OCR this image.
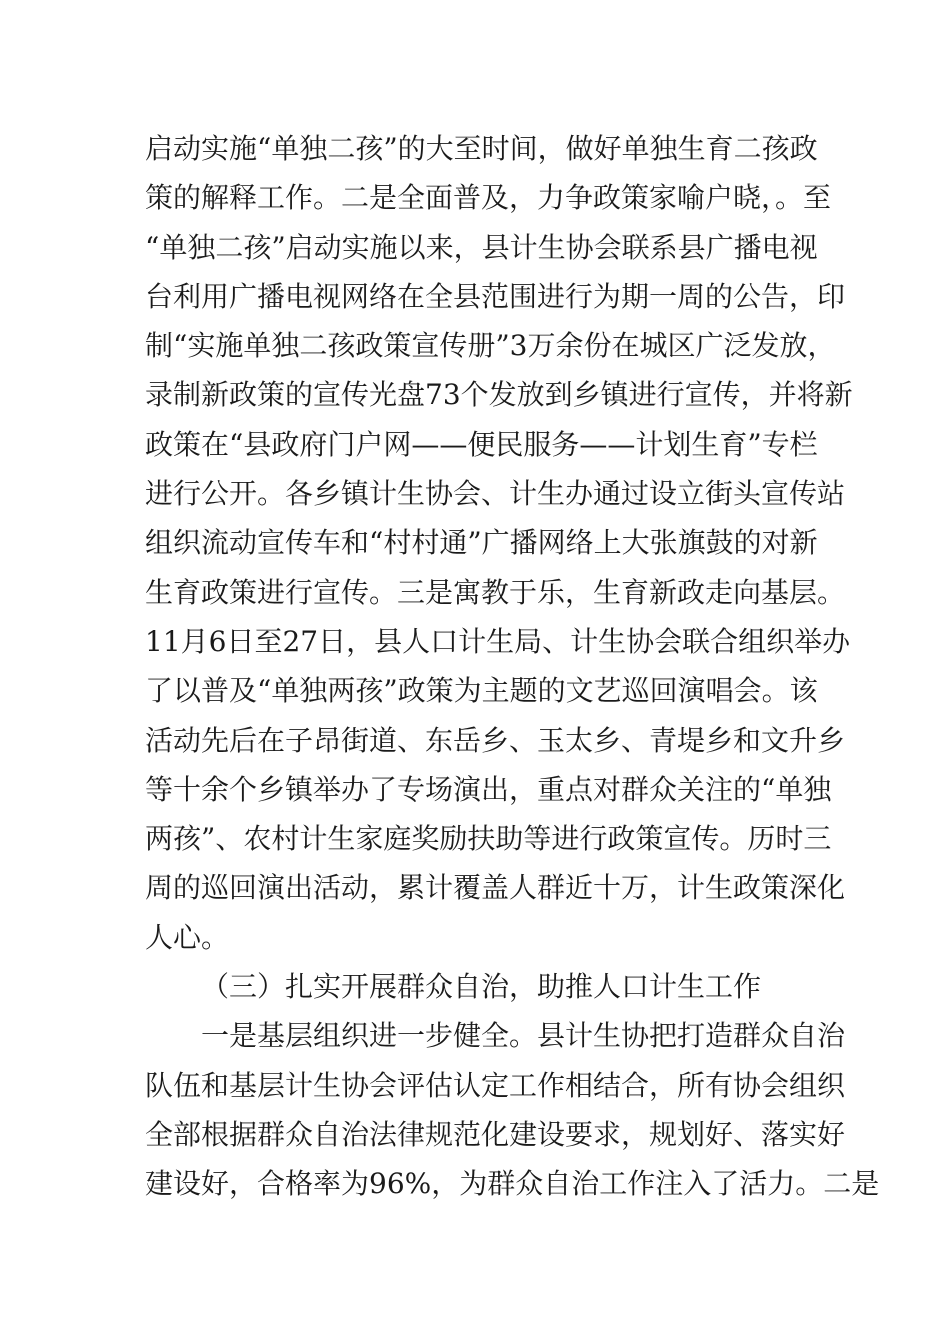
启动实施“单独二孩”的大至时间，做好单独生育二孩政
策的解释工作。二是全面普及，力争政策家喻户晓，。至
“单独二孩”启动实施以来，县计生协会联系县广播电视
台利用广播电视网络在全县范围进行为期一周的公告，印
制“实施单独二孩政策宣传册”3万余份在城区广泛发放，
录制新政策的宣传光盘73个发放到乡镇进行宣传，并将新
政策在“县政府门户网——便民服务——计划生育”专栏
进行公开。各乡镇计生协会、计生办通过设立街头宣传站
组织流动宣传车和“村村通”广播网络上大张旗鼓的对新
生育政策进行宣传。三是寓教于乐，生育新政走向基层。
11月6日至27日，县人口计生局、计生协会联合组织举办
了以普及“单独两孩”政策为主题的文艺巡回演唱会。该
活动先后在子昂街道、东岳乡、玉太乡、青堤乡和文升乡
等十余个乡镇举办了专场演出，重点对群众关注的“单独
两孩”、农村计生家庭奖励扶助等进行政策宣传。历时三
周的巡回演出活动，累计覆盖人群近十万，计生政策深化
人心。
（三）扎实开展群众自治，助推人口计生工作
一是基层组织进一步健全。县计生协把打造群众自治
队伍和基层计生协会评估认定工作相结合，所有协会组织
全部根据群众自治法律规范化建设要求，规划好、落实好
建设好，合格率为96%，为群众自治工作注入了活力。二是
